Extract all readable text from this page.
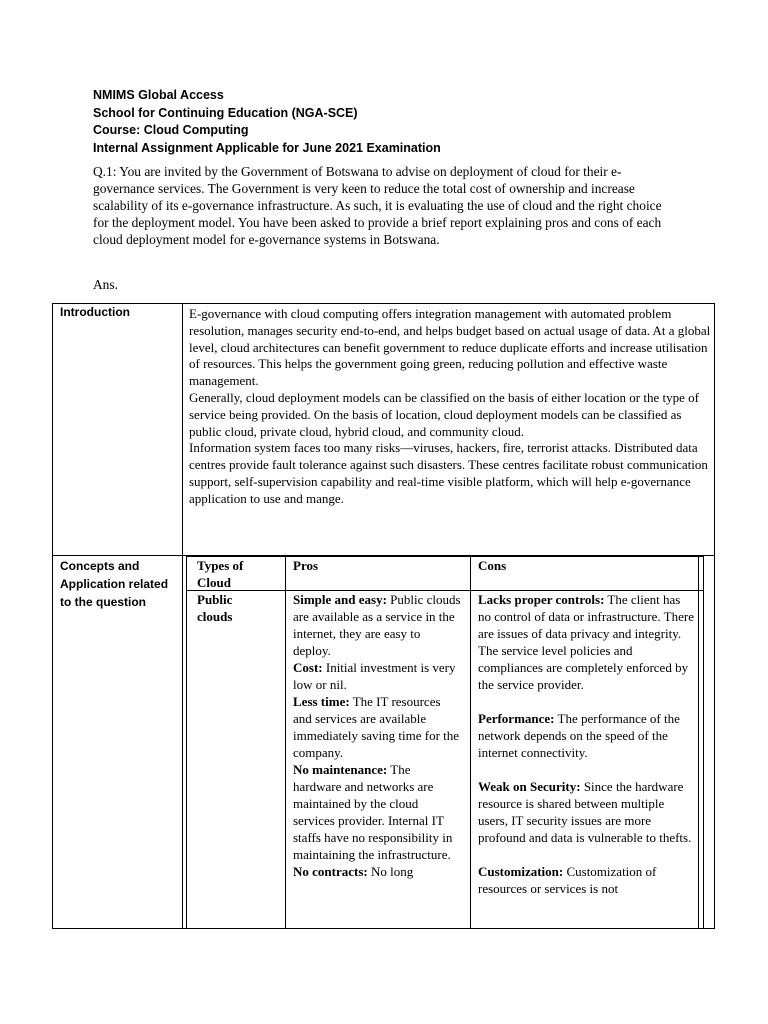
NMIMS Global Access
School for Continuing Education (NGA-SCE)
Course: Cloud Computing
Internal Assignment Applicable for June 2021 Examination
Q.1: You are invited by the Government of Botswana to advise on deployment of cloud for their e-governance services. The Government is very keen to reduce the total cost of ownership and increase scalability of its e-governance infrastructure. As such, it is evaluating the use of cloud and the right choice for the deployment model. You have been asked to provide a brief report explaining pros and cons of each cloud deployment model for e-governance systems in Botswana.
Ans.
Introduction	E-governance with cloud computing offers integration management with automated problem resolution, manages security end-to-end, and helps budget based on actual usage of data. At a global level, cloud architectures can benefit government to reduce duplicate efforts and increase utilisation of resources. This helps the government going green, reducing pollution and effective waste management.

Generally, cloud deployment models can be classified on the basis of either location or the type of service being provided. On the basis of location, cloud deployment models can be classified as public cloud, private cloud, hybrid cloud, and community cloud.

Information system faces too many risks—viruses, hackers, fire, terrorist attacks. Distributed data centres provide fault tolerance against such disasters. These centres facilitate robust communication support, self-supervision capability and real-time visible platform, which will help e-governance application to use and mange.

Concepts and Application related to the question
Types of Cloud
Pros	Cons
Public clouds

Simple and easy: Public clouds are available as a service in the internet, they are easy to deploy.

Cost: Initial investment is very low or nil.

Less time: The IT resources and services are available immediately saving time for the company.

No maintenance: The hardware and networks are maintained by the cloud services provider. Internal IT staffs have no responsibility in maintaining the infrastructure.

No contracts: No long

Lacks proper controls: The client has no control of data or infrastructure. There are issues of data privacy and integrity. The service level policies and compliances are completely enforced by the service provider.

Performance: The performance of the network depends on the speed of the internet connectivity.

Weak on Security: Since the hardware resource is shared between multiple users, IT security issues are more profound and data is vulnerable to thefts.

Customization: Customization of resources or services is not
